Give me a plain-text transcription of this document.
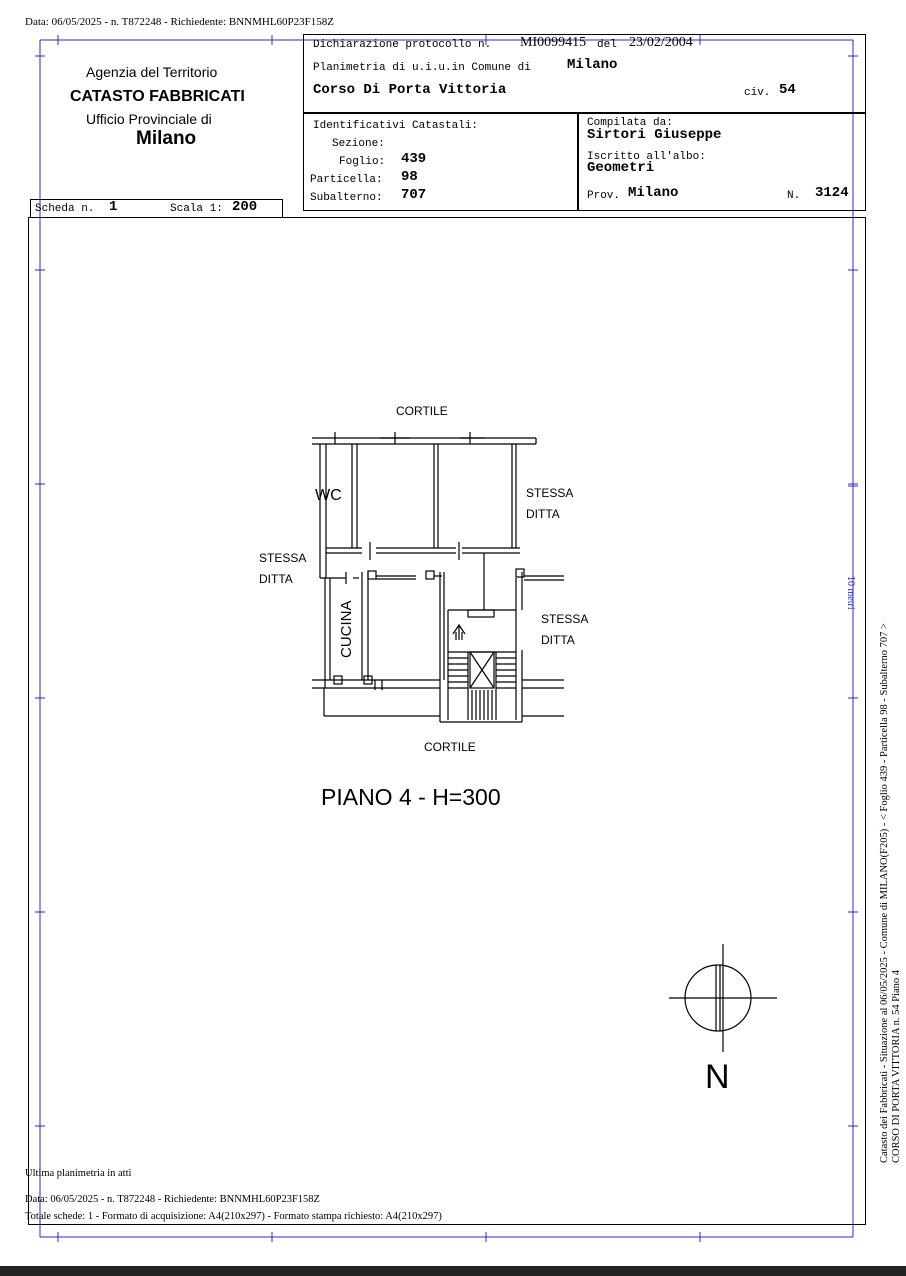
Data: 06/05/2025 - n. T872248 - Richiedente: BNNMHL60P23F158Z
Agenzia del Territorio
CATASTO FABBRICATI
Ufficio Provinciale di
Milano
Scheda n. 1	Scala 1: 200
Dichiarazione protocollo n. MI0099415 del 23/02/2004
Planimetria di u.i.u.in Comune di	Milano
Corso Di Porta Vittoria	civ. 54
Identificativi Catastali:
Sezione:
Foglio: 439
Particella: 98
Subalterno: 707
Compilata da:
Sirtori Giuseppe
Iscritto all'albo:
Geometri
Prov. Milano	N. 3124
CORTILE
CORTILE
WC	STESSA
DITTA
STESSA
DITTA
STESSA
DITTA
CUCINA
PIANO 4 - H=300
N
10 metri
Catasto dei Fabbricati - Situazione al 06/05/2025 - Comune di MILANO(F205) - < Foglio 439 - Particella 98 - Subalterno 707 > CORSO DI PORTA VITTORIA n. 54 Piano 4
Ultima planimetria in atti
Data: 06/05/2025 - n. T872248 - Richiedente: BNNMHL60P23F158Z
Totale schede: 1 - Formato di acquisizione: A4(210x297) - Formato stampa richiesto: A4(210x297)
